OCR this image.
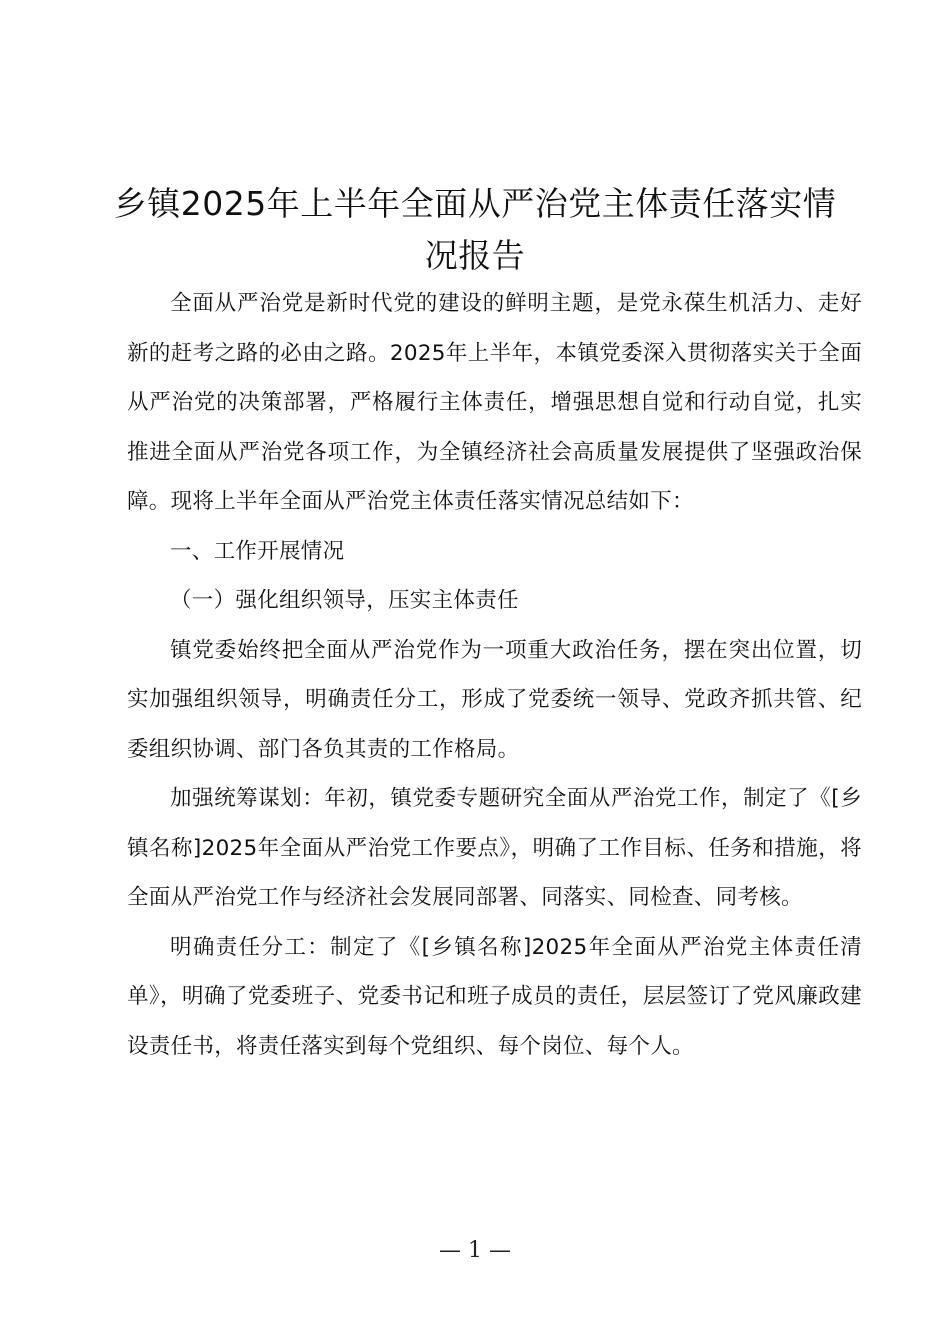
乡镇2025年上半年全面从严治党主体责任落实情况报告

全面从严治党是新时代党的建设的鲜明主题，是党永葆生机活力、走好新的赶考之路的必由之路。2025年上半年，本镇党委深入贯彻落实关于全面从严治党的决策部署，严格履行主体责任，增强思想自觉和行动自觉，扎实推进全面从严治党各项工作，为全镇经济社会高质量发展提供了坚强政治保障。现将上半年全面从严治党主体责任落实情况总结如下：

一、工作开展情况

（一）强化组织领导，压实主体责任

镇党委始终把全面从严治党作为一项重大政治任务，摆在突出位置，切实加强组织领导，明确责任分工，形成了党委统一领导、党政齐抓共管、纪委组织协调、部门各负其责的工作格局。

加强统筹谋划：年初，镇党委专题研究全面从严治党工作，制定了《[乡镇名称]2025年全面从严治党工作要点》，明确了工作目标、任务和措施，将全面从严治党工作与经济社会发展同部署、同落实、同检查、同考核。

明确责任分工：制定了《[乡镇名称]2025年全面从严治党主体责任清单》，明确了党委班子、党委书记和班子成员的责任，层层签订了党风廉政建设责任书，将责任落实到每个党组织、每个岗位、每个人。

— 1 —
